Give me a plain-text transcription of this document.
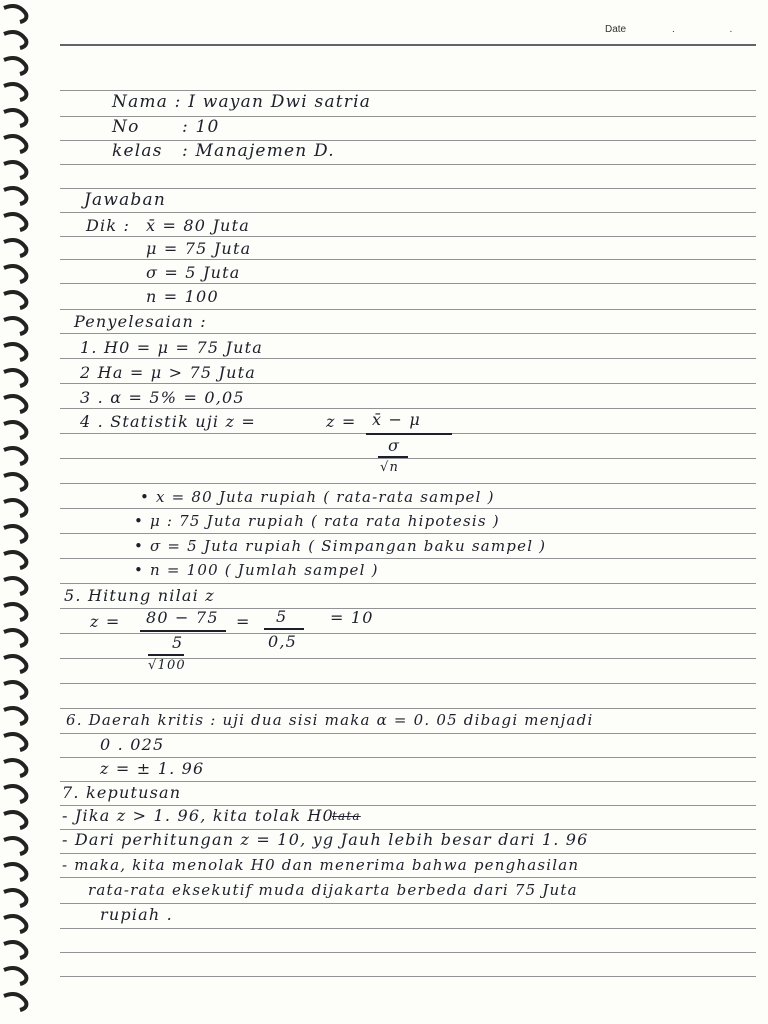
Date	. .
Nama : I wayan Dwi satria
No : 10
kelas : Manajemen D.
Jawaban
Dik : x̄ = 80 Juta
μ = 75 Juta
σ = 5 Juta
n = 100
Penyelesaian :
1. H0 = μ = 75 Juta
2 Ha = μ > 75 Juta
3 . α = 5% = 0,05
4 . Statistik uji z =	z = x̄ − μ
σ
√n
• x = 80 Juta rupiah ( rata-rata sampel )
• μ : 75 Juta rupiah ( rata rata hipotesis )
• σ = 5 Juta rupiah ( Simpangan baku sampel )
• n = 100 ( Jumlah sampel )
5. Hitung nilai z
z = 80 − 75
5
√100
= 5
0,5
= 10
6. Daerah kritis : uji dua sisi maka α = 0. 05 dibagi menjadi
0 . 025
z = ± 1. 96
7. keputusan
- Jika z > 1. 96, kita tolak H0
tata
- Dari perhitungan z = 10, yg Jauh lebih besar dari 1. 96
- maka, kita menolak H0 dan menerima bahwa penghasilan
rata-rata eksekutif muda dijakarta berbeda dari 75 Juta
rupiah .
